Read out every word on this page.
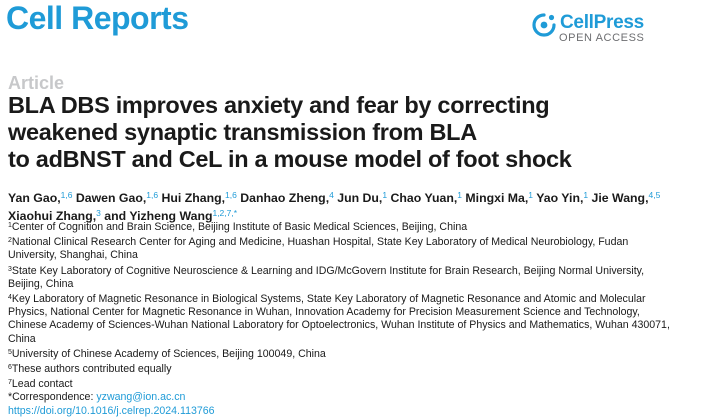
Cell Reports	CellPress
OPEN ACCESS
Article
BLA DBS improves anxiety and fear by correcting
weakened synaptic transmission from BLA
to adBNST and CeL in a mouse model of foot shock
Yan Gao,$^{1,6}$ Dawen Gao,$^{1,6}$ Hui Zhang,$^{1,6}$ Danhao Zheng,$^4$ Jun Du,$^1$ Chao Yuan,$^1$ Mingxi Ma,$^1$ Yao Yin,$^1$ Jie Wang,$^{4,5}$ Xiaohui Zhang,$^3$ and Yizheng Wang$^{1,2,7,*}$
$^1$Center of Cognition and Brain Science, Beijing Institute of Basic Medical Sciences, Beijing, China
$^2$National Clinical Research Center for Aging and Medicine, Huashan Hospital, State Key Laboratory of Medical Neurobiology, Fudan
University, Shanghai, China
$^3$State Key Laboratory of Cognitive Neuroscience & Learning and IDG/McGovern Institute for Brain Research, Beijing Normal University,
Beijing, China
$^4$Key Laboratory of Magnetic Resonance in Biological Systems, State Key Laboratory of Magnetic Resonance and Atomic and Molecular
Physics, National Center for Magnetic Resonance in Wuhan, Innovation Academy for Precision Measurement Science and Technology,
Chinese Academy of Sciences-Wuhan National Laboratory for Optoelectronics, Wuhan Institute of Physics and Mathematics, Wuhan 430071,
China
$^5$University of Chinese Academy of Sciences, Beijing 100049, China
$^6$These authors contributed equally
$^7$Lead contact
*Correspondence: yzwang@ion.ac.cn
https://doi.org/10.1016/j.celrep.2024.113766
